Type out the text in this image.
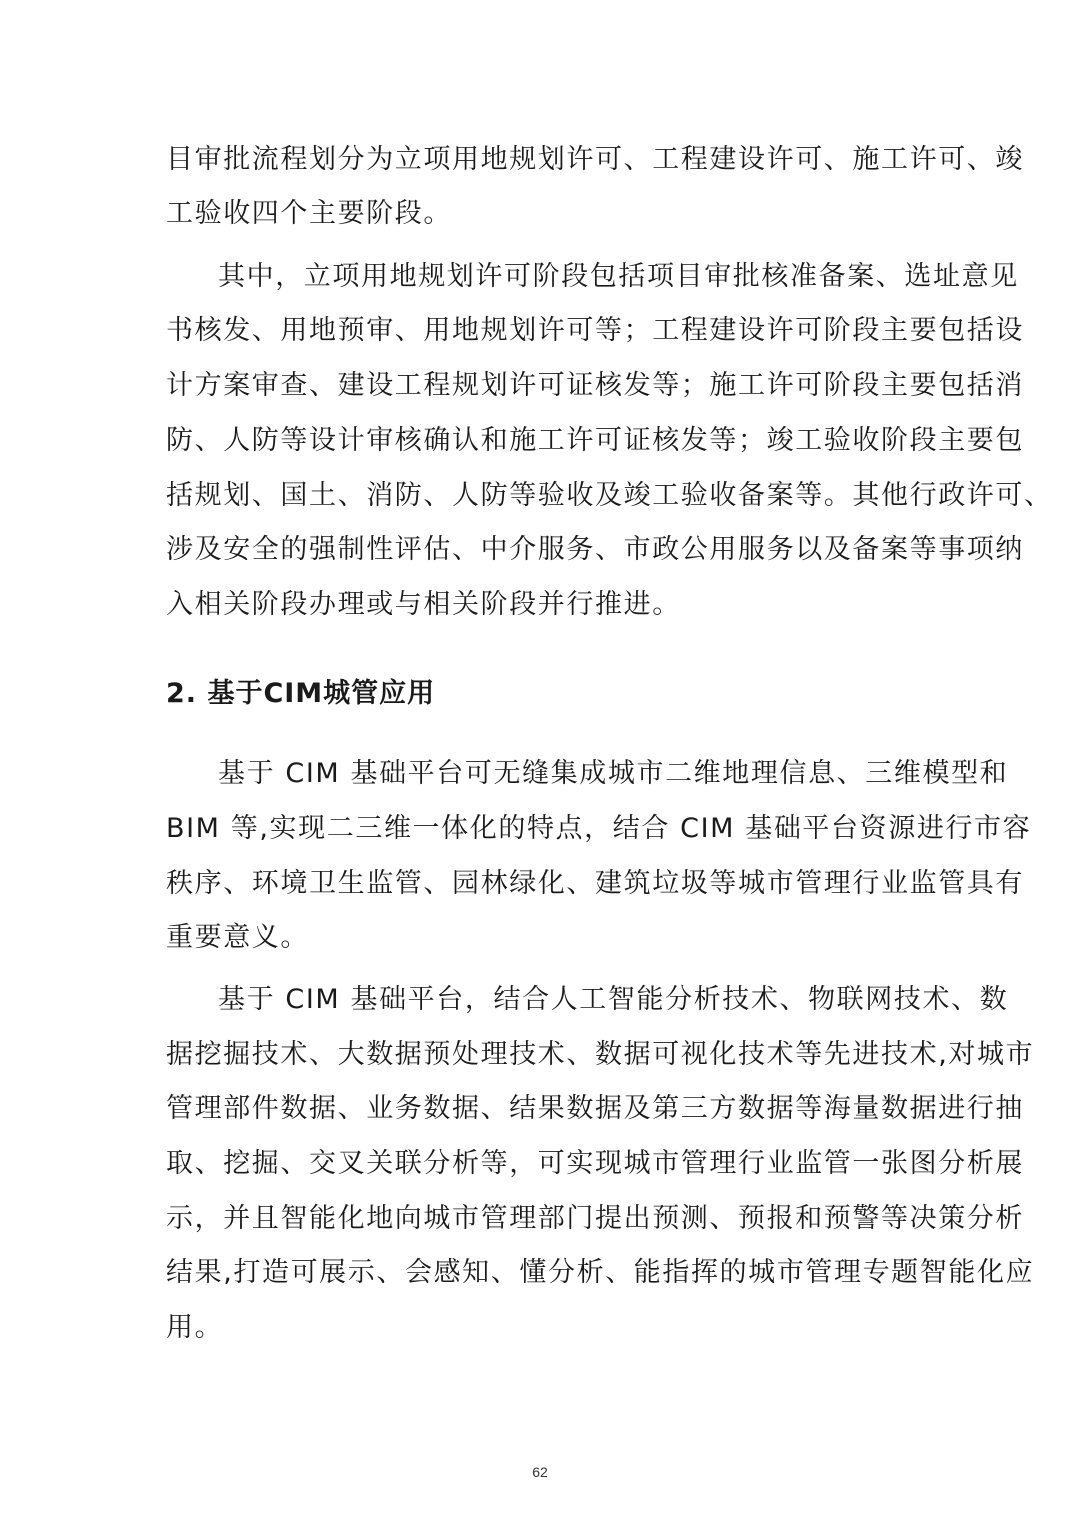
目审批流程划分为立项用地规划许可、工程建设许可、施工许可、竣
工验收四个主要阶段。
其中，立项用地规划许可阶段包括项目审批核准备案、选址意见
书核发、用地预审、用地规划许可等；工程建设许可阶段主要包括设
计方案审查、建设工程规划许可证核发等；施工许可阶段主要包括消
防、人防等设计审核确认和施工许可证核发等；竣工验收阶段主要包
括规划、国土、消防、人防等验收及竣工验收备案等。其他行政许可、
涉及安全的强制性评估、中介服务、市政公用服务以及备案等事项纳
入相关阶段办理或与相关阶段并行推进。
2. 基于CIM城管应用
基于 CIM 基础平台可无缝集成城市二维地理信息、三维模型和
BIM 等,实现二三维一体化的特点，结合 CIM 基础平台资源进行市容
秩序、环境卫生监管、园林绿化、建筑垃圾等城市管理行业监管具有
重要意义。
基于 CIM 基础平台，结合人工智能分析技术、物联网技术、数
据挖掘技术、大数据预处理技术、数据可视化技术等先进技术,对城市
管理部件数据、业务数据、结果数据及第三方数据等海量数据进行抽
取、挖掘、交叉关联分析等，可实现城市管理行业监管一张图分析展
示，并且智能化地向城市管理部门提出预测、预报和预警等决策分析
结果,打造可展示、会感知、懂分析、能指挥的城市管理专题智能化应
用。
62
